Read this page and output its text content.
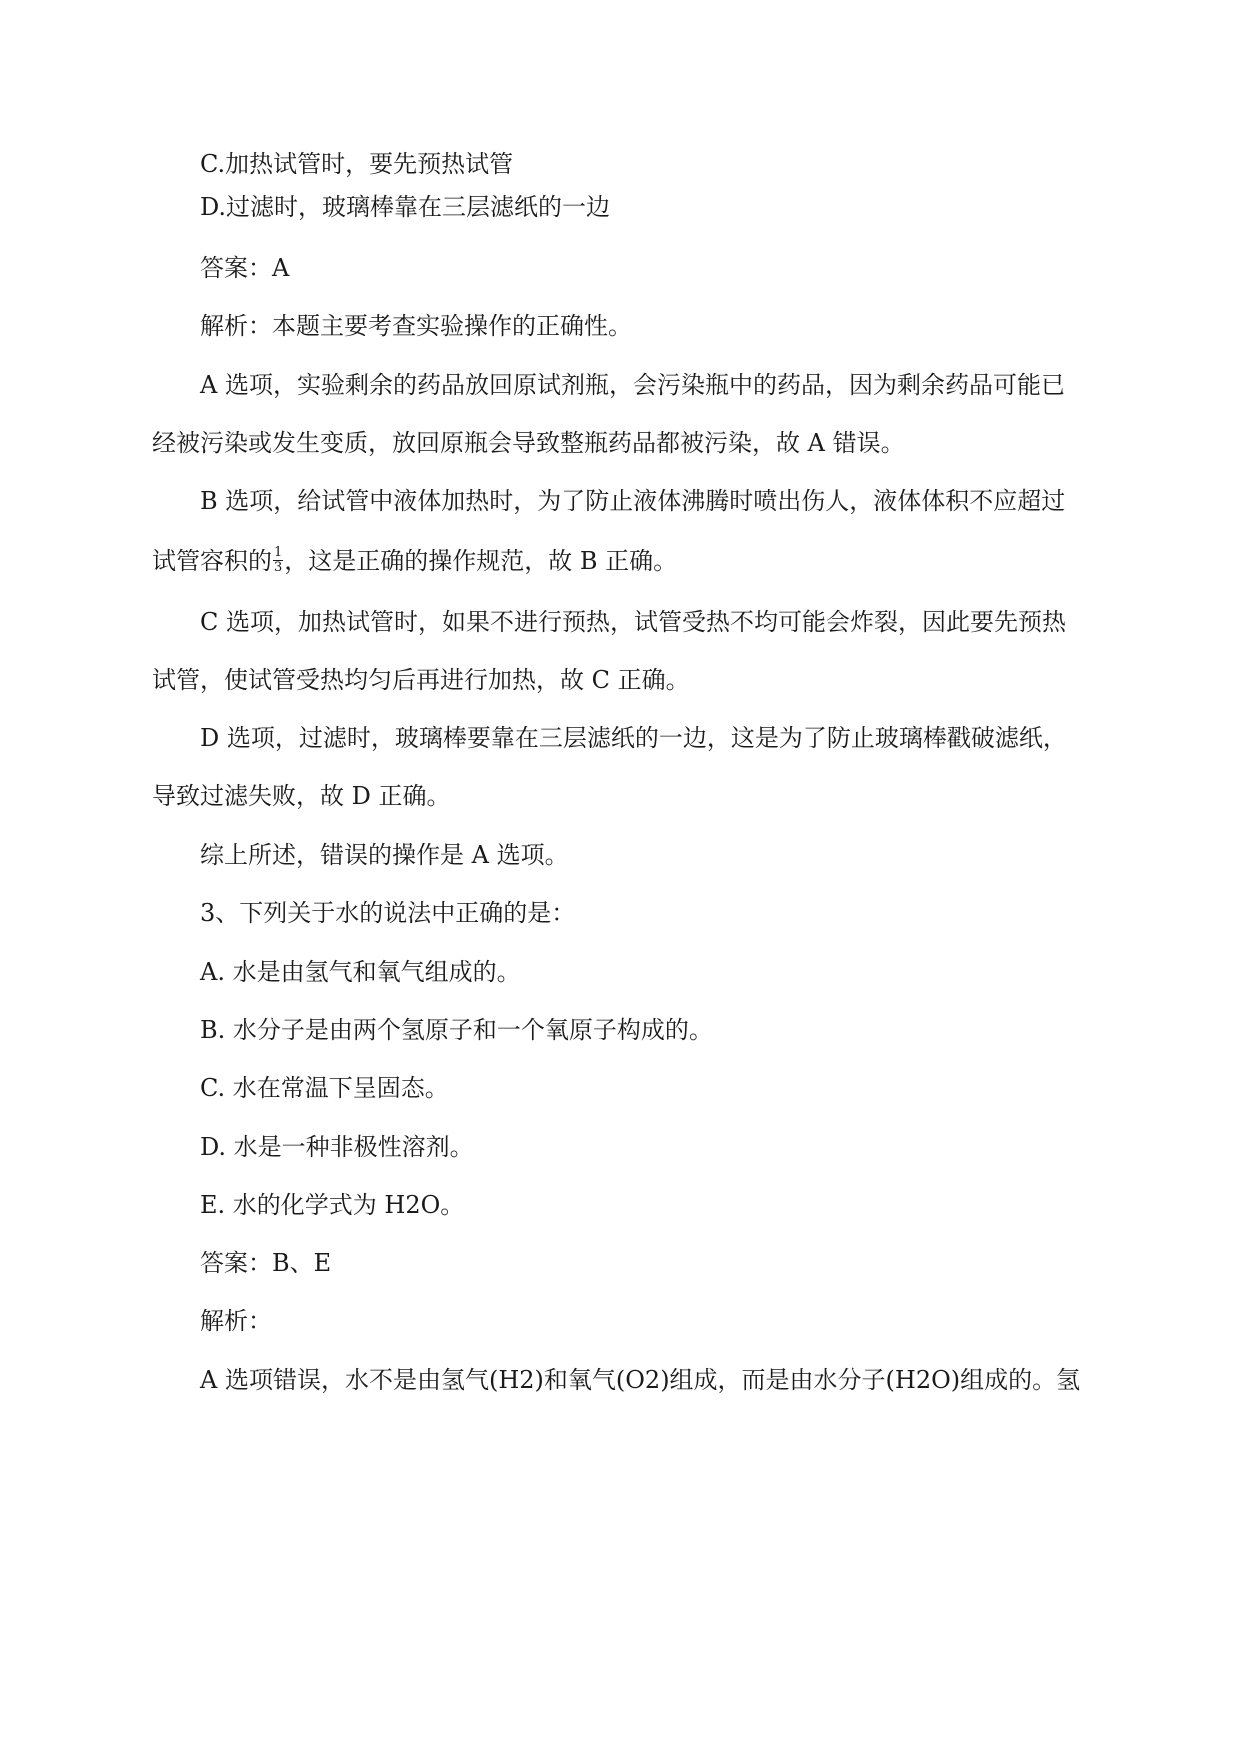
C.加热试管时，要先预热试管
D.过滤时，玻璃棒靠在三层滤纸的一边
答案：A
解析：本题主要考查实验操作的正确性。
A 选项，实验剩余的药品放回原试剂瓶，会污染瓶中的药品，因为剩余药品可能已
经被污染或发生变质，放回原瓶会导致整瓶药品都被污染，故 A 错误。
B 选项，给试管中液体加热时，为了防止液体沸腾时喷出伤人，液体体积不应超过
试管容积的 $\frac{1}{3}$ ，这是正确的操作规范，故 B 正确。
C 选项，加热试管时，如果不进行预热，试管受热不均可能会炸裂，因此要先预热
试管，使试管受热均匀后再进行加热，故 C 正确。
D 选项，过滤时，玻璃棒要靠在三层滤纸的一边，这是为了防止玻璃棒戳破滤纸，
导致过滤失败，故 D 正确。
综上所述，错误的操作是 A 选项。
3、下列关于水的说法中正确的是：
A. 水是由氢气和氧气组成的。
B. 水分子是由两个氢原子和一个氧原子构成的。
C. 水在常温下呈固态。
D. 水是一种非极性溶剂。
E. 水的化学式为 H2O。
答案：B、E
解析：
A 选项错误，水不是由氢气(H2)和氧气(O2)组成，而是由水分子(H2O)组成的。氢
